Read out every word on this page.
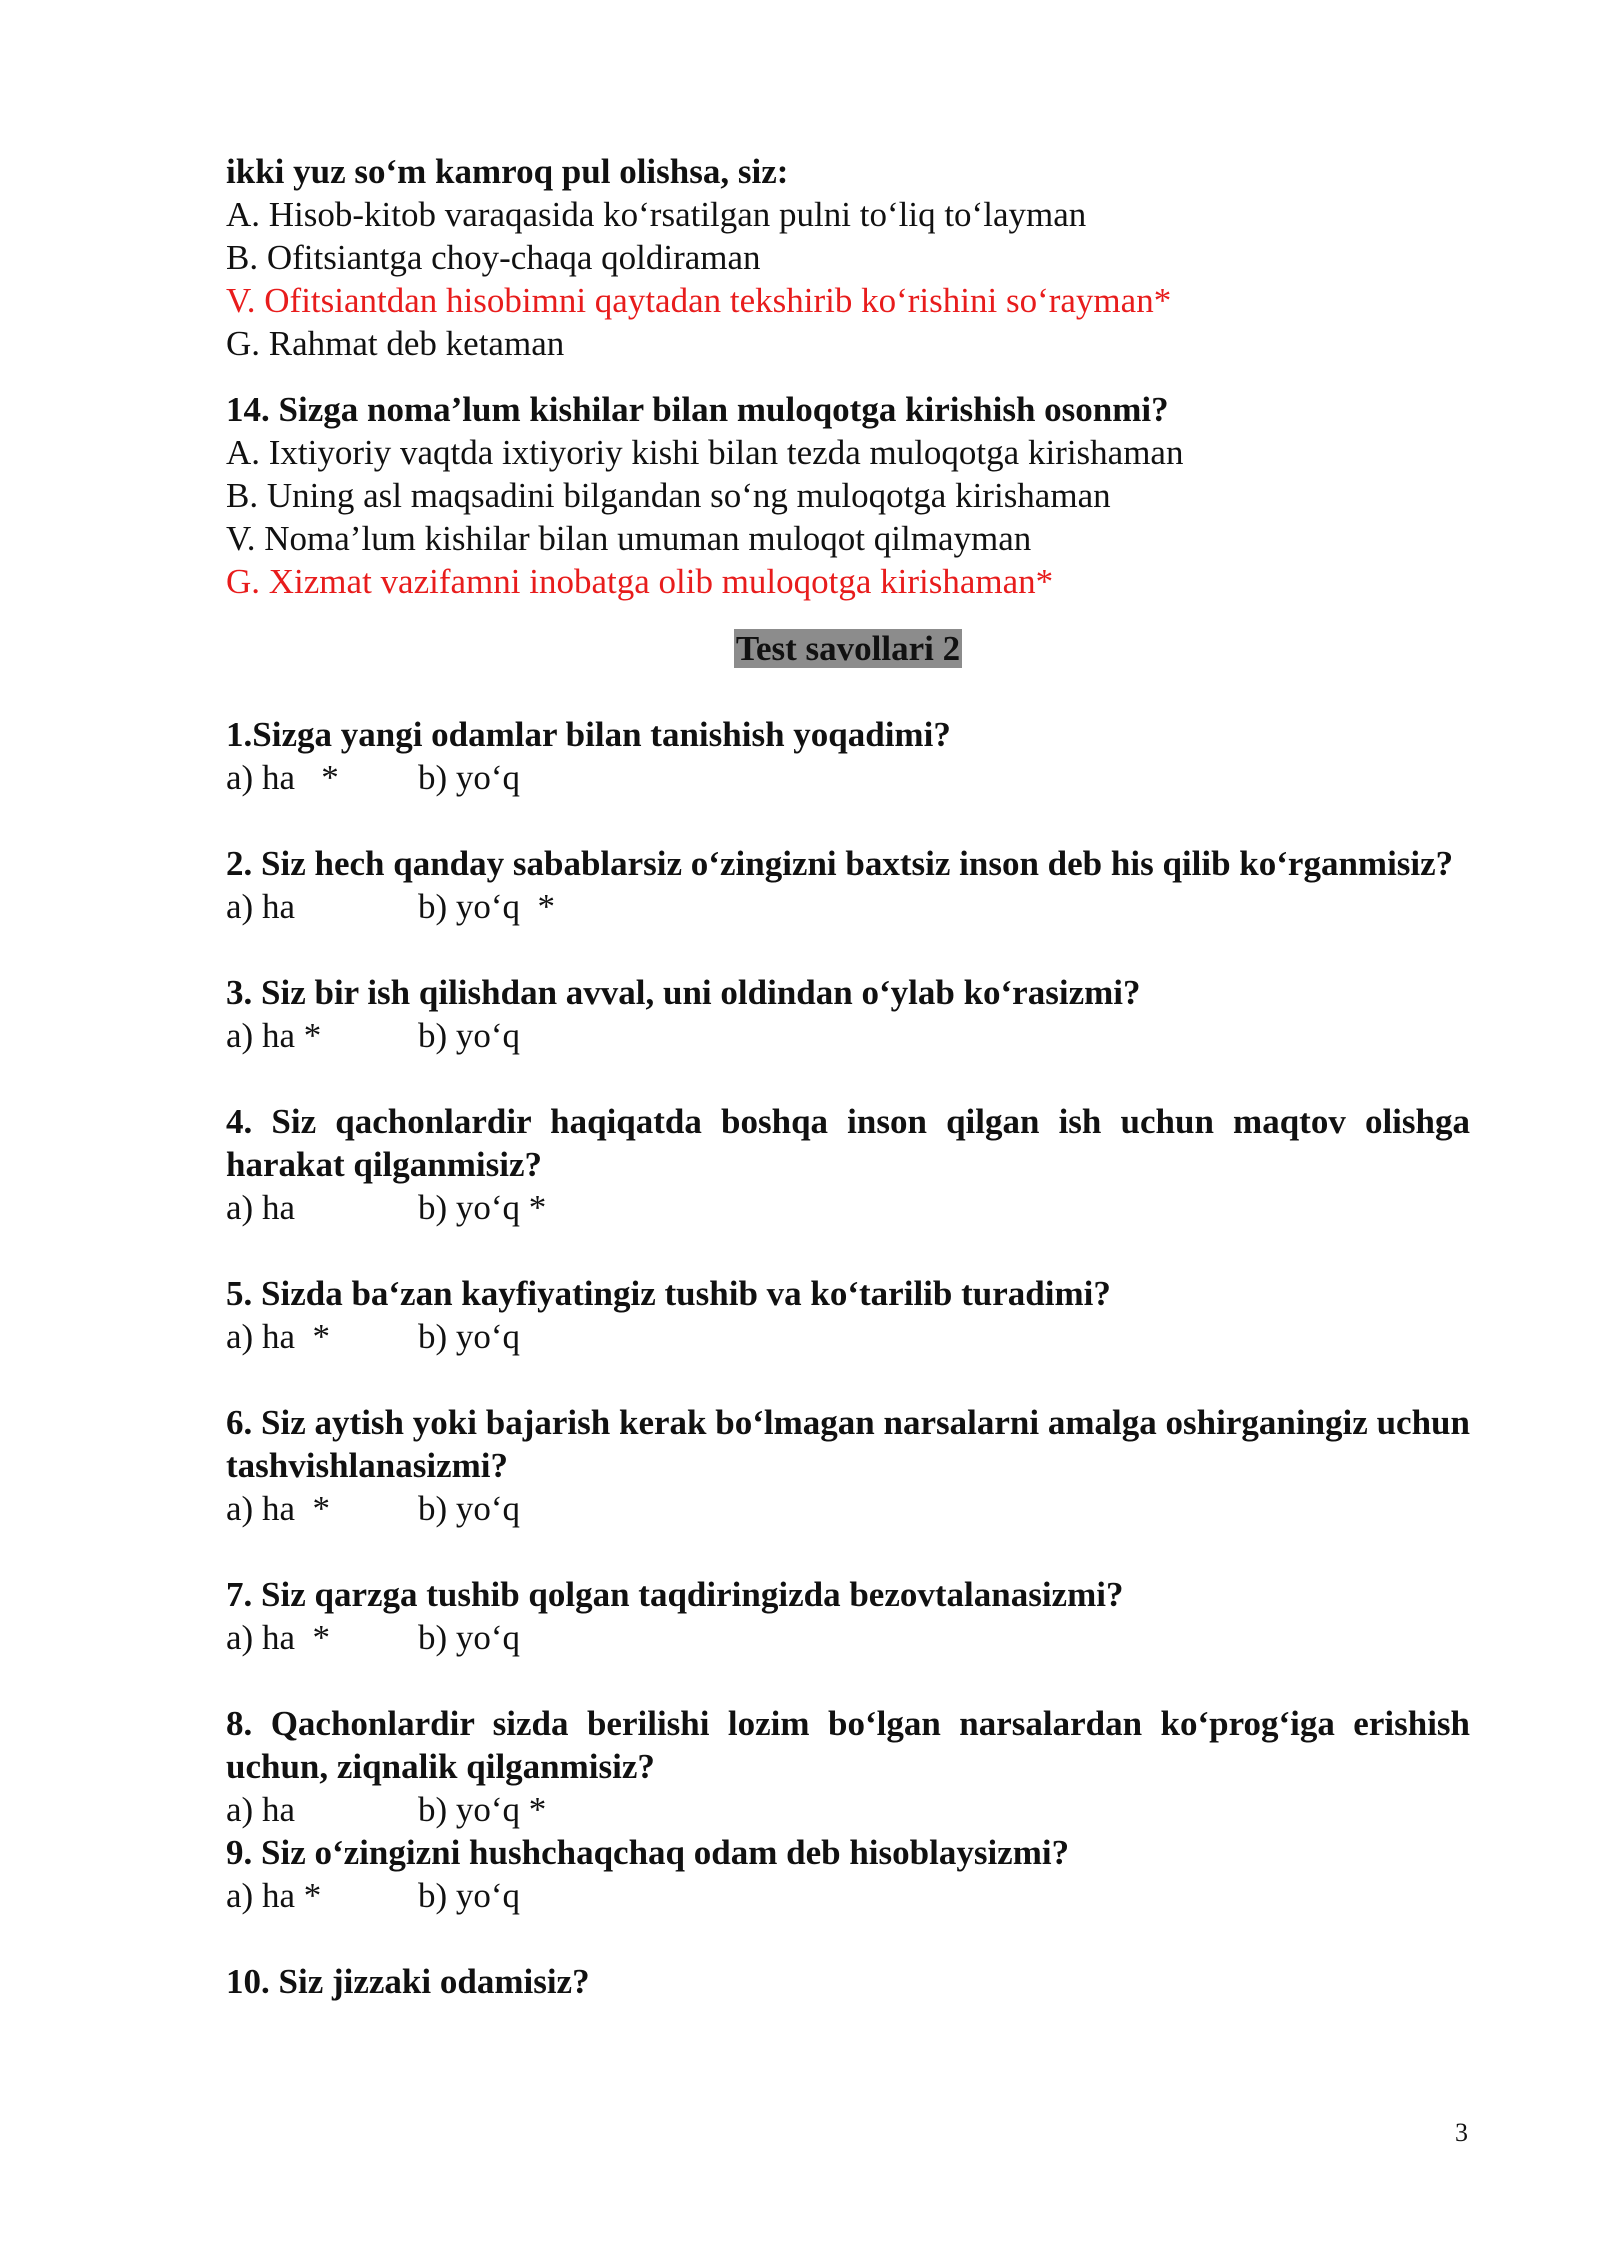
ikki yuz so‘m kamroq pul olishsa, siz:
A. Hisob-kitob varaqasida ko‘rsatilgan pulni to‘liq to‘layman
B. Ofitsiantga choy-chaqa qoldiraman
V. Ofitsiantdan hisobimni qaytadan tekshirib ko‘rishini so‘rayman*
G. Rahmat deb ketaman
14. Sizga noma’lum kishilar bilan muloqotga kirishish osonmi?
A. Ixtiyoriy vaqtda ixtiyoriy kishi bilan tezda muloqotga kirishaman
B. Uning asl maqsadini bilgandan so‘ng muloqotga kirishaman
V. Noma’lum kishilar bilan umuman muloqot qilmayman
G. Xizmat vazifamni inobatga olib muloqotga kirishaman*
Test savollari 2
1.Sizga yangi odamlar bilan tanishish yoqadimi?
a) ha   * b) yo‘q
2. Siz hech qanday sabablarsiz o‘zingizni baxtsiz inson deb his qilib ko‘rganmisiz?
a) ha	b) yo‘q  *
3. Siz bir ish qilishdan avval, uni oldindan o‘ylab ko‘rasizmi?
a) ha *	b) yo‘q
4. Siz qachonlardir haqiqatda boshqa inson qilgan ish uchun maqtov olishga harakat qilganmisiz?
a) ha	b) yo‘q *
5. Sizda ba‘zan kayfiyatingiz tushib va ko‘tarilib turadimi?
a) ha  *	b) yo‘q
6. Siz aytish yoki bajarish kerak bo‘lmagan narsalarni amalga oshirganingiz uchun tashvishlanasizmi?
a) ha  *	b) yo‘q
7. Siz qarzga tushib qolgan taqdiringizda bezovtalanasizmi?
a) ha  *	b) yo‘q
8. Qachonlardir sizda berilishi lozim bo‘lgan narsalardan ko‘prog‘iga erishish uchun, ziqnalik qilganmisiz?
a) ha	b) yo‘q *
9. Siz o‘zingizni hushchaqchaq odam deb hisoblaysizmi?
a) ha *	b) yo‘q
10. Siz jizzaki odamisiz?
3
